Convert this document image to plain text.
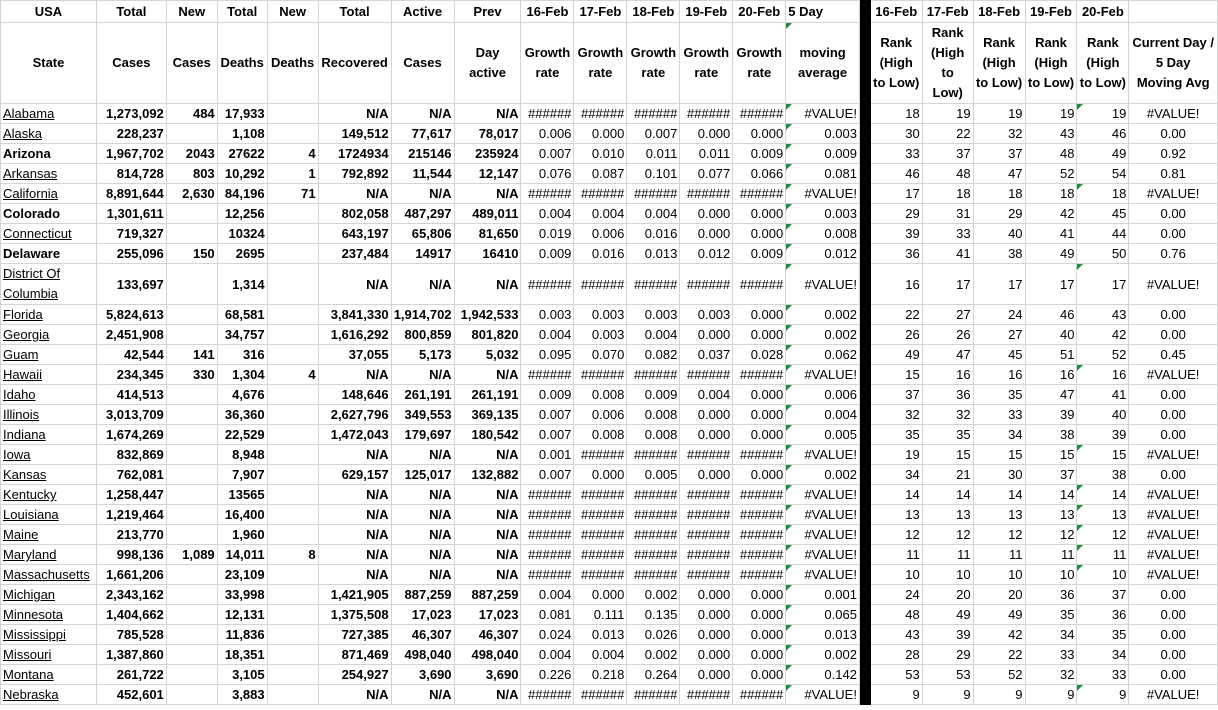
USA	Total	New	Total	New	Total	Active	Prev	16-Feb	17-Feb	18-Feb	19-Feb	20-Feb	5 Day		16-Feb	17-Feb	18-Feb	19-Feb	20-Feb	
State	Cases	Cases	Deaths	Deaths	Recovered	Cases	Day active	Growth rate	Growth rate	Growth rate	Growth rate	Growth rate	moving average		Rank (High to Low)	Rank (High to Low)	Rank (High to Low)	Rank (High to Low)	Rank (High to Low)	Current Day / 5 Day Moving Avg
Alabama	1,273,092	484	17,933		N/A	N/A	N/A	######	######	######	######	######	#VALUE!		18	19	19	19	19	#VALUE!
Alaska	228,237		1,108		149,512	77,617	78,017	0.006	0.000	0.007	0.000	0.000	0.003		30	22	32	43	46	0.00
Arizona	1,967,702	2043	27622	4	1724934	215146	235924	0.007	0.010	0.011	0.011	0.009	0.009		33	37	37	48	49	0.92
Arkansas	814,728	803	10,292	1	792,892	11,544	12,147	0.076	0.087	0.101	0.077	0.066	0.081		46	48	47	52	54	0.81
California	8,891,644	2,630	84,196	71	N/A	N/A	N/A	######	######	######	######	######	#VALUE!		17	18	18	18	18	#VALUE!
Colorado	1,301,611		12,256		802,058	487,297	489,011	0.004	0.004	0.004	0.000	0.000	0.003		29	31	29	42	45	0.00
Connecticut	719,327		10324		643,197	65,806	81,650	0.019	0.006	0.016	0.000	0.000	0.008		39	33	40	41	44	0.00
Delaware	255,096	150	2695		237,484	14917	16410	0.009	0.016	0.013	0.012	0.009	0.012		36	41	38	49	50	0.76
District Of Columbia	133,697		1,314		N/A	N/A	N/A	######	######	######	######	######	#VALUE!		16	17	17	17	17	#VALUE!
Florida	5,824,613		68,581		3,841,330	1,914,702	1,942,533	0.003	0.003	0.003	0.003	0.000	0.002		22	27	24	46	43	0.00
Georgia	2,451,908		34,757		1,616,292	800,859	801,820	0.004	0.003	0.004	0.000	0.000	0.002		26	26	27	40	42	0.00
Guam	42,544	141	316		37,055	5,173	5,032	0.095	0.070	0.082	0.037	0.028	0.062		49	47	45	51	52	0.45
Hawaii	234,345	330	1,304	4	N/A	N/A	N/A	######	######	######	######	######	#VALUE!		15	16	16	16	16	#VALUE!
Idaho	414,513		4,676		148,646	261,191	261,191	0.009	0.008	0.009	0.004	0.000	0.006		37	36	35	47	41	0.00
Illinois	3,013,709		36,360		2,627,796	349,553	369,135	0.007	0.006	0.008	0.000	0.000	0.004		32	32	33	39	40	0.00
Indiana	1,674,269		22,529		1,472,043	179,697	180,542	0.007	0.008	0.008	0.000	0.000	0.005		35	35	34	38	39	0.00
Iowa	832,869		8,948		N/A	N/A	N/A	0.001	######	######	######	######	#VALUE!		19	15	15	15	15	#VALUE!
Kansas	762,081		7,907		629,157	125,017	132,882	0.007	0.000	0.005	0.000	0.000	0.002		34	21	30	37	38	0.00
Kentucky	1,258,447		13565		N/A	N/A	N/A	######	######	######	######	######	#VALUE!		14	14	14	14	14	#VALUE!
Louisiana	1,219,464		16,400		N/A	N/A	N/A	######	######	######	######	######	#VALUE!		13	13	13	13	13	#VALUE!
Maine	213,770		1,960		N/A	N/A	N/A	######	######	######	######	######	#VALUE!		12	12	12	12	12	#VALUE!
Maryland	998,136	1,089	14,011	8	N/A	N/A	N/A	######	######	######	######	######	#VALUE!		11	11	11	11	11	#VALUE!
Massachusetts	1,661,206		23,109		N/A	N/A	N/A	######	######	######	######	######	#VALUE!		10	10	10	10	10	#VALUE!
Michigan	2,343,162		33,998		1,421,905	887,259	887,259	0.004	0.000	0.002	0.000	0.000	0.001		24	20	20	36	37	0.00
Minnesota	1,404,662		12,131		1,375,508	17,023	17,023	0.081	0.111	0.135	0.000	0.000	0.065		48	49	49	35	36	0.00
Mississippi	785,528		11,836		727,385	46,307	46,307	0.024	0.013	0.026	0.000	0.000	0.013		43	39	42	34	35	0.00
Missouri	1,387,860		18,351		871,469	498,040	498,040	0.004	0.004	0.002	0.000	0.000	0.002		28	29	22	33	34	0.00
Montana	261,722		3,105		254,927	3,690	3,690	0.226	0.218	0.264	0.000	0.000	0.142		53	53	52	32	33	0.00
Nebraska	452,601		3,883		N/A	N/A	N/A	######	######	######	######	######	#VALUE!		9	9	9	9	9	#VALUE!
